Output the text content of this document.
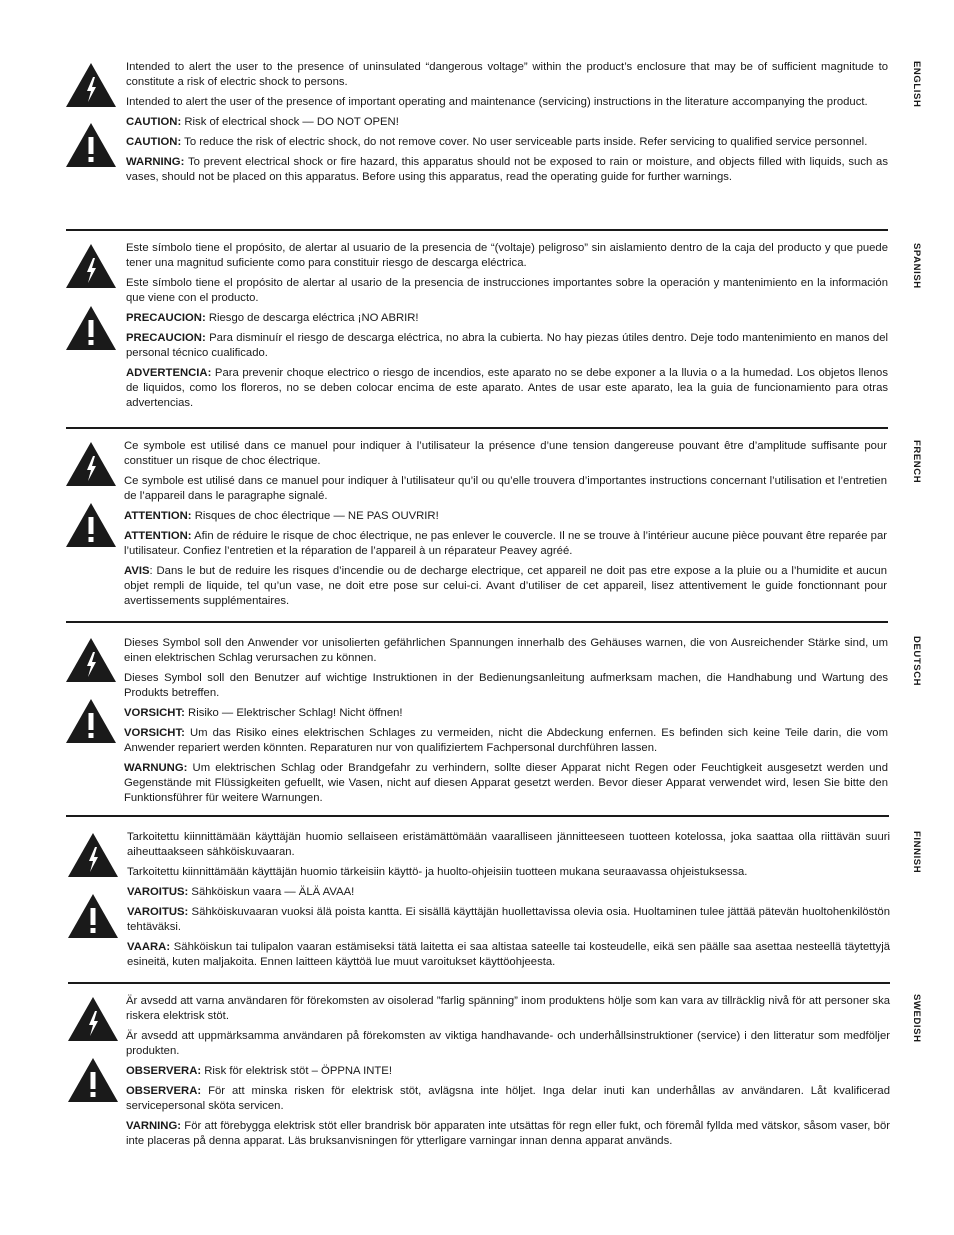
Intended to alert the user to the presence of uninsulated “dangerous voltage” within the product’s enclosure that may be of sufficient magnitude to constitute a risk of electric shock to persons.

Intended to alert the user of the presence of important operating and maintenance (servicing) instructions in the literature accompanying the product.

CAUTION: Risk of electrical shock — DO NOT OPEN!

CAUTION: To reduce the risk of electric shock, do not remove cover. No user serviceable parts inside. Refer servicing to qualified service personnel.

WARNING: To prevent electrical shock or fire hazard, this apparatus should not be exposed to rain or moisture, and objects filled with liquids, such as vases, should not be placed on this apparatus. Before using this apparatus, read the operating guide for further warnings.

ENGLISH

Este símbolo tiene el propósito, de alertar al usuario de la presencia de “(voltaje) peligroso” sin aislamiento dentro de la caja del producto y que puede tener una magnitud suficiente como para constituir riesgo de descarga eléctrica.

Este símbolo tiene el propósito de alertar al usario de la presencia de instrucciones importantes sobre la operación y mantenimiento en la información que viene con el producto.

PRECAUCION: Riesgo de descarga eléctrica ¡NO ABRIR!

PRECAUCION: Para disminuír el riesgo de descarga eléctrica, no abra la cubierta. No hay piezas útiles dentro. Deje todo mantenimiento en manos del personal técnico cualificado.

ADVERTENCIA: Para prevenir choque electrico o riesgo de incendios, este aparato no se debe exponer a la lluvia o a la humedad. Los objetos llenos de liquidos, como los floreros, no se deben colocar encima de este aparato. Antes de usar este aparato, lea la guia de funcionamiento para otras advertencias.

SPANISH

Ce symbole est utilisé dans ce manuel pour indiquer à l’utilisateur la présence d’une tension dangereuse pouvant être d’amplitude suffisante pour constituer un risque de choc électrique.

Ce symbole est utilisé dans ce manuel pour indiquer à l’utilisateur qu’il ou qu’elle trouvera d’importantes instructions concernant l’utilisation et l’entretien de l’appareil dans le paragraphe signalé.

ATTENTION: Risques de choc électrique — NE PAS OUVRIR!

ATTENTION: Afin de réduire le risque de choc électrique, ne pas enlever le couvercle. Il ne se trouve à l’intérieur aucune pièce pouvant être reparée par l’utilisateur. Confiez l’entretien et la réparation de l’appareil à un réparateur Peavey agréé.

AVIS: Dans le but de reduire les risques d’incendie ou de decharge electrique, cet appareil ne doit pas etre expose a la pluie ou a l’humidite et aucun objet rempli de liquide, tel qu’un vase, ne doit etre pose sur celui-ci. Avant d’utiliser de cet appareil, lisez attentivement le guide fonctionnant pour avertissements supplémentaires.

FRENCH

Dieses Symbol soll den Anwender vor unisolierten gefährlichen Spannungen innerhalb des Gehäuses warnen, die von Ausreichender Stärke sind, um einen elektrischen Schlag verursachen zu können.

Dieses Symbol soll den Benutzer auf wichtige Instruktionen in der Bedienungsanleitung aufmerksam machen, die Handhabung und Wartung des Produkts betreffen.

VORSICHT: Risiko — Elektrischer Schlag! Nicht öffnen!

VORSICHT: Um das Risiko eines elektrischen Schlages zu vermeiden, nicht die Abdeckung enfernen. Es befinden sich keine Teile darin, die vom Anwender repariert werden könnten. Reparaturen nur von qualifiziertem Fachpersonal durchführen lassen.

WARNUNG: Um elektrischen Schlag oder Brandgefahr zu verhindern, sollte dieser Apparat nicht Regen oder Feuchtigkeit ausgesetzt werden und Gegenstände mit Flüssigkeiten gefuellt, wie Vasen, nicht auf diesen Apparat gesetzt werden. Bevor dieser Apparat verwendet wird, lesen Sie bitte den Funktionsführer für weitere Warnungen.

DEUTSCH

Tarkoitettu kiinnittämään käyttäjän huomio sellaiseen eristämättömään vaaralliseen jännitteeseen tuotteen kotelossa, joka saattaa olla riittävän suuri aiheuttaakseen sähköiskuvaaran.

Tarkoitettu kiinnittämään käyttäjän huomio tärkeisiin käyttö- ja huolto-ohjeisiin tuotteen mukana seuraavassa ohjeistuksessa.

VAROITUS: Sähköiskun vaara — ÄLÄ AVAA!

VAROITUS: Sähköiskuvaaran vuoksi älä poista kantta. Ei sisällä käyttäjän huollettavissa olevia osia. Huoltaminen tulee jättää pätevän huoltohenkilöstön tehtäväksi.

VAARA: Sähköiskun tai tulipalon vaaran estämiseksi tätä laitetta ei saa altistaa sateelle tai kosteudelle, eikä sen päälle saa asettaa nesteellä täytettyjä esineitä, kuten maljakoita. Ennen laitteen käyttöä lue muut varoitukset käyttöohjeesta.

FINNISH

Är avsedd att varna användaren för förekomsten av oisolerad ”farlig spänning” inom produktens hölje som kan vara av tillräcklig nivå för att personer ska riskera elektrisk stöt.

Är avsedd att uppmärksamma användaren på förekomsten av viktiga handhavande- och underhållsinstruktioner (service) i den litteratur som medföljer produkten.

OBSERVERA: Risk för elektrisk stöt – ÖPPNA INTE!

OBSERVERA: För att minska risken för elektrisk stöt, avlägsna inte höljet. Inga delar inuti kan underhållas av användaren. Låt kvalificerad servicepersonal sköta servicen.

VARNING: För att förebygga elektrisk stöt eller brandrisk bör apparaten inte utsättas för regn eller fukt, och föremål fyllda med vätskor, såsom vaser, bör inte placeras på denna apparat. Läs bruksanvisningen för ytterligare varningar innan denna apparat används.

SWEDISH
